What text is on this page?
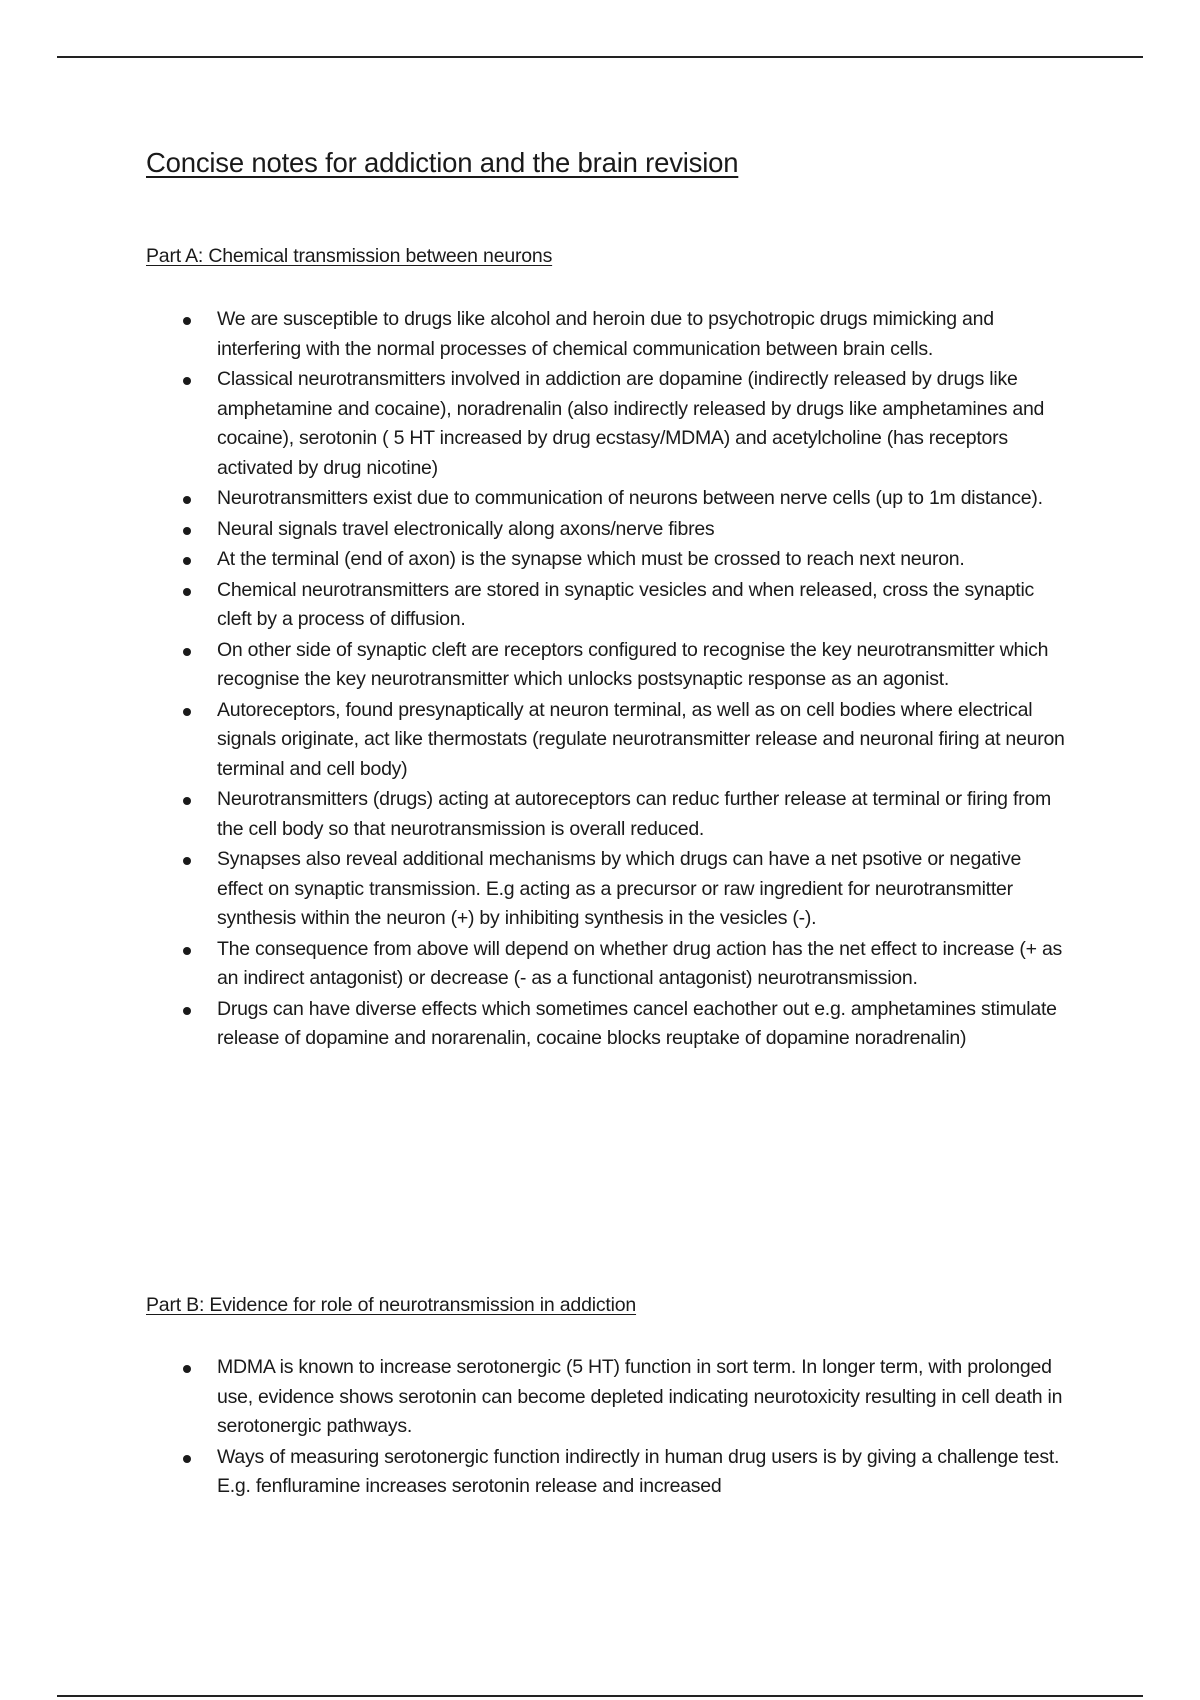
Concise notes for addiction and the brain revision
Part A: Chemical transmission between neurons
We are susceptible to drugs like alcohol and heroin due to psychotropic drugs mimicking and interfering with the normal processes of chemical communication between brain cells.
Classical neurotransmitters involved in addiction are dopamine (indirectly released by drugs like amphetamine and cocaine), noradrenalin (also indirectly released by drugs like amphetamines and cocaine), serotonin ( 5 HT increased by drug ecstasy/MDMA) and acetylcholine (has receptors activated by drug nicotine)
Neurotransmitters exist due to communication of neurons between nerve cells (up to 1m distance).
Neural signals travel electronically along axons/nerve fibres
At the terminal (end of axon) is the synapse which must be crossed to reach next neuron.
Chemical neurotransmitters are stored in synaptic vesicles and when released, cross the synaptic cleft by a process of diffusion.
On other side of synaptic cleft are receptors configured to recognise the key neurotransmitter which recognise the key neurotransmitter which unlocks postsynaptic response as an agonist.
Autoreceptors, found presynaptically at neuron terminal, as well as on cell bodies where electrical signals originate, act like thermostats (regulate neurotransmitter release and neuronal firing at neuron terminal and cell body)
Neurotransmitters (drugs) acting at autoreceptors can reduc further release at terminal or firing from the cell body so that neurotransmission is overall reduced.
Synapses also reveal additional mechanisms by which drugs can have a net psotive or negative effect on synaptic transmission. E.g acting as a precursor or raw ingredient for neurotransmitter synthesis within the neuron (+) by inhibiting synthesis in the vesicles (-).
The consequence from above will depend on whether drug action has the net effect to increase (+ as an indirect antagonist) or decrease (- as a functional antagonist) neurotransmission.
Drugs can have diverse effects which sometimes cancel eachother out e.g. amphetamines stimulate release of dopamine and norarenalin, cocaine blocks reuptake of dopamine noradrenalin)
Part B: Evidence for role of neurotransmission in addiction
MDMA is known to increase serotonergic (5 HT) function in sort term. In longer term, with prolonged use, evidence shows serotonin can become depleted indicating neurotoxicity resulting in cell death in serotonergic pathways.
Ways of measuring serotonergic function indirectly in human drug users is by giving a challenge test. E.g. fenfluramine increases serotonin release and increased
